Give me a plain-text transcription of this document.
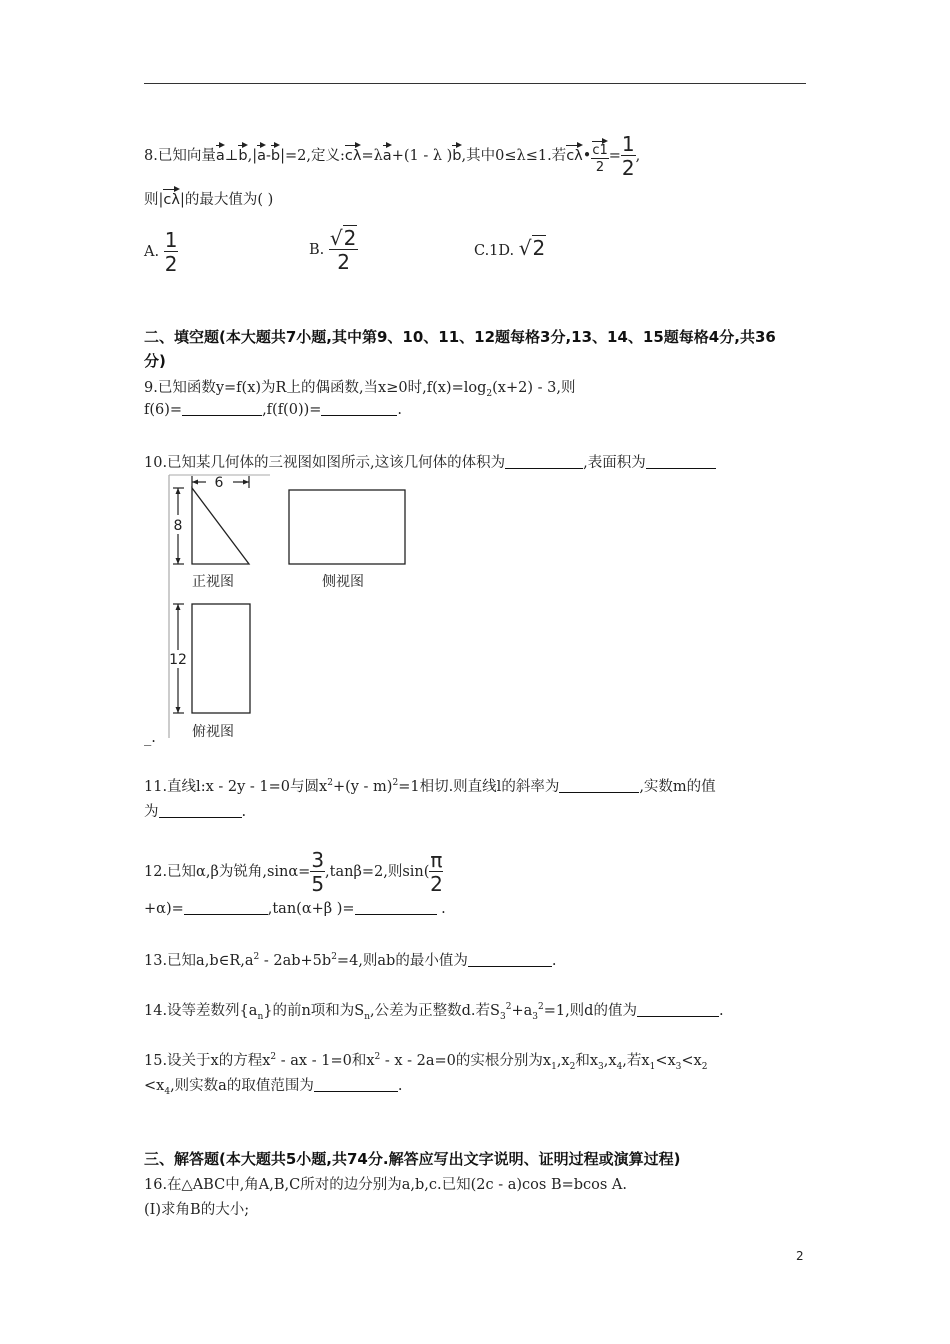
8.已知向量a⊥b,|a-b|=2,定义:cλ=λa+(1 - λ )b,其中0≤λ≤1.若cλ• $\frac{c1}{2} = \frac{1}{2}$ ,
则|cλ|的最大值为( )
A. $\frac{1}{2}$	B. $\frac{√2}{2}$	C.1D. √2
二、填空题(本大题共7小题,其中第9、10、11、12题每格3分,13、14、15题每格4分,共36
分)
9.已知函数y=f(x)为R上的偶函数,当x≥0时$,f(x)=\log_2(x+2) - 3$,则
f(6)=	,f(f(0))=	.
10.已知某几何体的三视图如图所示,这该几何体的体积为	,表面积为
6
8
正视图	侧视图
12
俯视图
_.
11.直线l:x - 2y - 1=0与圆$x^2+(y - m)^2=1$相切.则直线l的斜率为	,实数m的值
为	.
12.已知α,β为锐角$,\sin\alpha= \frac{3}{5} ,\tan\beta=2$,则$\sin( \frac{\pi}{2}$
+α)=	,tan(α+β )=	.
13.已知$a,b\in R,a^2 - 2ab+5b^2=4$,则ab的最小值为	.
14.设等差数列$\{a_n\}$的前n项和为$S_n$,公差为正整数d.若$S_3^2+a_3^2=1$,则d的值为	.
15.设关于x的方程$x^2$ - ax - 1=0和$x^2 - x - 2a=0$的实根分别为$x_1,x_2$和$x_3,x_4$,若$x_1<x_3<x_2$
$<x_4$,则实数a的取值范围为	.
三、解答题(本大题共5小题,共74分.解答应写出文字说明、证明过程或演算过程)
16.在△ABC中,角A,B,C所对的边分别为a,b,c.已知(2c - a)cos B=bcos A.
(Ⅰ)求角B的大小;
2
